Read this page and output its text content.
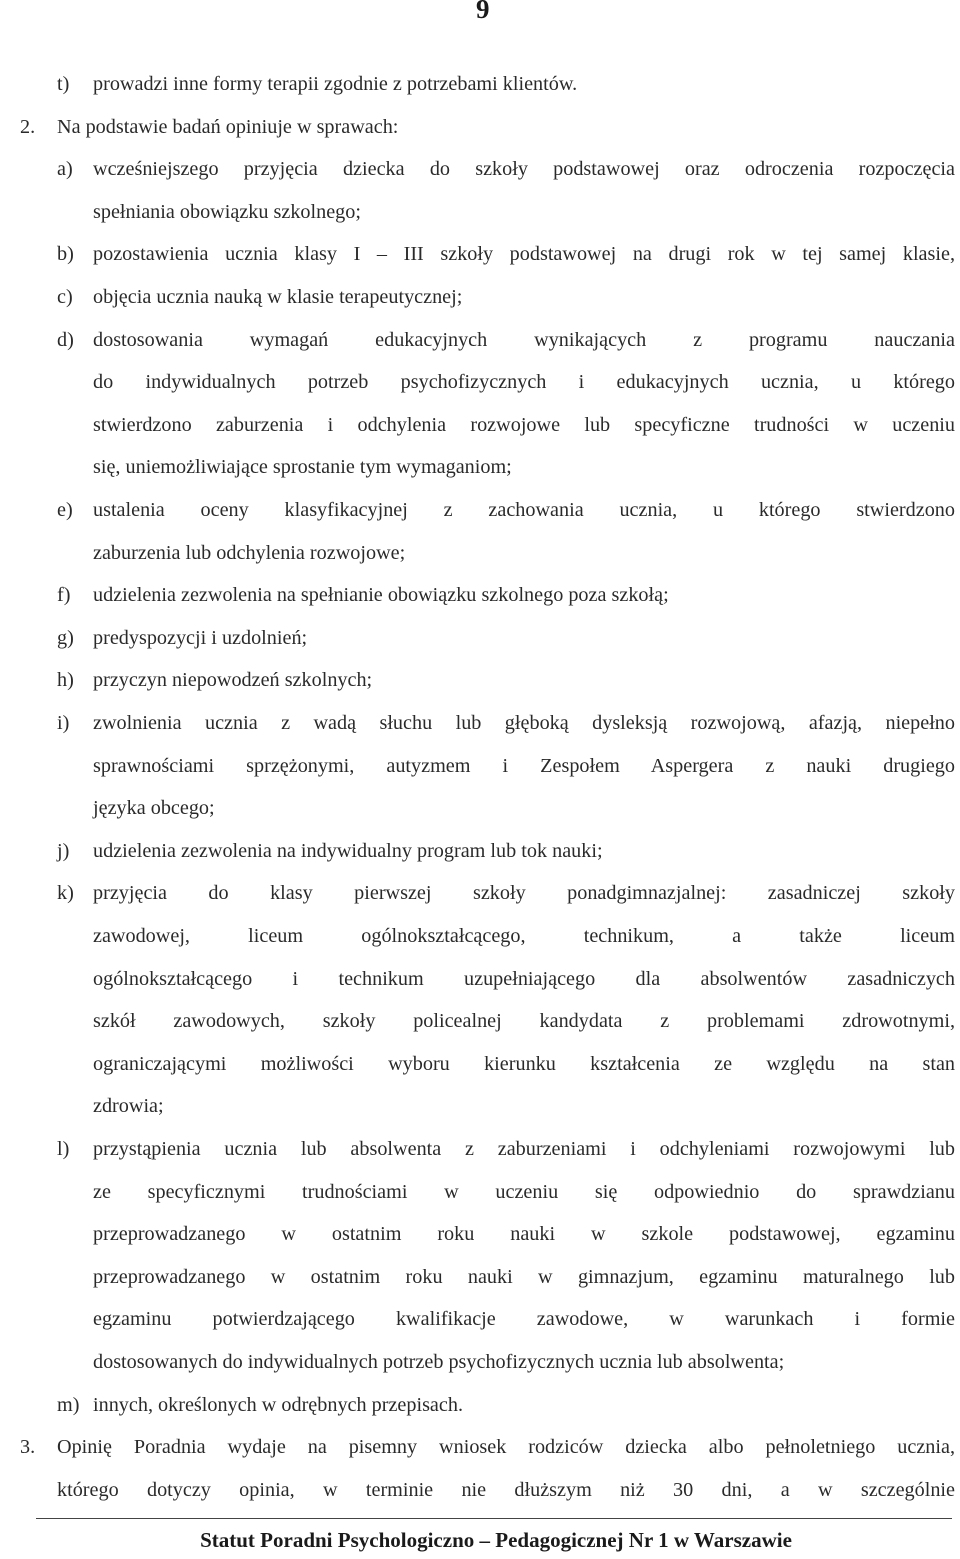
9
t) prowadzi inne formy terapii zgodnie z potrzebami klientów.
2. Na podstawie badań opiniuje w sprawach:
a) wcześniejszego przyjęcia dziecka do szkoły podstawowej oraz odroczenia rozpoczęcia
spełniania obowiązku szkolnego;
b) pozostawienia ucznia klasy I – III szkoły podstawowej na drugi rok w tej samej klasie,
c) objęcia ucznia nauką w klasie terapeutycznej;
d) dostosowania wymagań edukacyjnych wynikających z programu nauczania
do indywidualnych potrzeb psychofizycznych i edukacyjnych ucznia, u którego
stwierdzono zaburzenia i odchylenia rozwojowe lub specyficzne trudności w uczeniu
się, uniemożliwiające sprostanie tym wymaganiom;
e) ustalenia oceny klasyfikacyjnej z zachowania ucznia, u którego stwierdzono
zaburzenia lub odchylenia rozwojowe;
f) udzielenia zezwolenia na spełnianie obowiązku szkolnego poza szkołą;
g) predyspozycji i uzdolnień;
h) przyczyn niepowodzeń szkolnych;
i) zwolnienia ucznia z wadą słuchu lub głęboką dysleksją rozwojową, afazją, niepełno
sprawnościami sprzężonymi, autyzmem i Zespołem Aspergera z nauki drugiego
języka obcego;
j) udzielenia zezwolenia na indywidualny program lub tok nauki;
k) przyjęcia do klasy pierwszej szkoły ponadgimnazjalnej: zasadniczej szkoły
zawodowej, liceum ogólnokształcącego, technikum, a także liceum
ogólnokształcącego i technikum uzupełniającego dla absolwentów zasadniczych
szkół zawodowych, szkoły policealnej kandydata z problemami zdrowotnymi,
ograniczającymi możliwości wyboru kierunku kształcenia ze względu na stan
zdrowia;
l) przystąpienia ucznia lub absolwenta z zaburzeniami i odchyleniami rozwojowymi lub
ze specyficznymi trudnościami w uczeniu się odpowiednio do sprawdzianu
przeprowadzanego w ostatnim roku nauki w szkole podstawowej, egzaminu
przeprowadzanego w ostatnim roku nauki w gimnazjum, egzaminu maturalnego lub
egzaminu potwierdzającego kwalifikacje zawodowe, w warunkach i formie
dostosowanych do indywidualnych potrzeb psychofizycznych ucznia lub absolwenta;
m) innych, określonych w odrębnych przepisach.
3. Opinię Poradnia wydaje na pisemny wniosek rodziców dziecka albo pełnoletniego ucznia,
którego dotyczy opinia, w terminie nie dłuższym niż 30 dni, a w szczególnie
Statut Poradni Psychologiczno – Pedagogicznej Nr 1 w Warszawie
